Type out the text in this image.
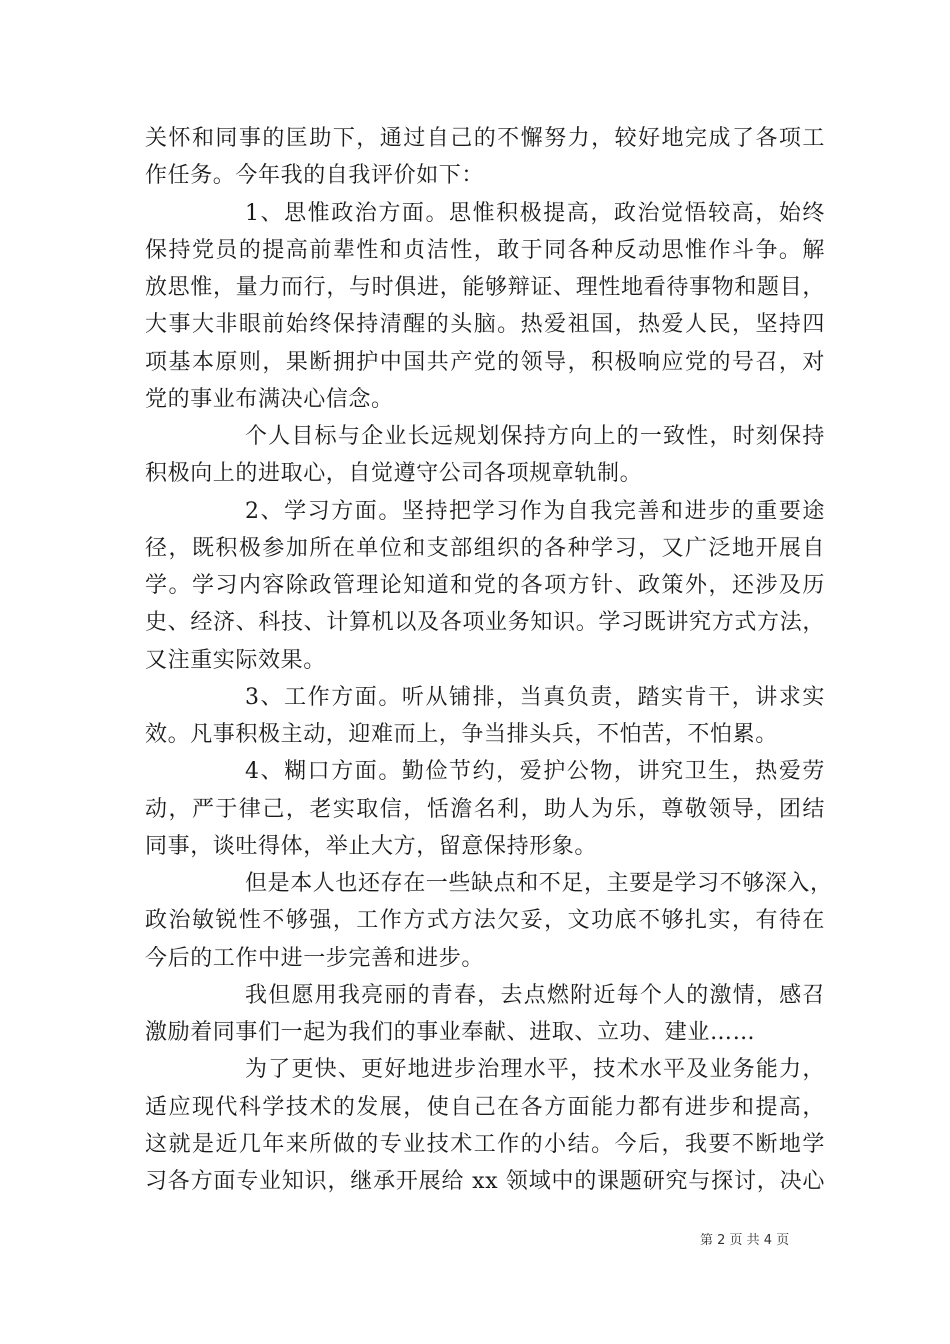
关怀和同事的匡助下，通过自己的不懈努力，较好地完成了各项工
作任务。今年我的自我评价如下：
1、思惟政治方面。思惟积极提高，政治觉悟较高，始终
保持党员的提高前辈性和贞洁性，敢于同各种反动思惟作斗争。解
放思惟，量力而行，与时俱进，能够辩证、理性地看待事物和题目，
大事大非眼前始终保持清醒的头脑。热爱祖国，热爱人民，坚持四
项基本原则，果断拥护中国共产党的领导，积极响应党的号召，对
党的事业布满决心信念。
个人目标与企业长远规划保持方向上的一致性，时刻保持
积极向上的进取心，自觉遵守公司各项规章轨制。
2、学习方面。坚持把学习作为自我完善和进步的重要途
径，既积极参加所在单位和支部组织的各种学习，又广泛地开展自
学。学习内容除政管理论知道和党的各项方针、政策外，还涉及历
史、经济、科技、计算机以及各项业务知识。学习既讲究方式方法，
又注重实际效果。
3、工作方面。听从铺排，当真负责，踏实肯干，讲求实
效。凡事积极主动，迎难而上，争当排头兵，不怕苦，不怕累。
4、糊口方面。勤俭节约，爱护公物，讲究卫生，热爱劳
动，严于律己，老实取信，恬澹名利，助人为乐，尊敬领导，团结
同事，谈吐得体，举止大方，留意保持形象。
但是本人也还存在一些缺点和不足，主要是学习不够深入，
政治敏锐性不够强，工作方式方法欠妥，文功底不够扎实，有待在
今后的工作中进一步完善和进步。
我但愿用我亮丽的青春，去点燃附近每个人的激情，感召
激励着同事们一起为我们的事业奉献、进取、立功、建业……
为了更快、更好地进步治理水平，技术水平及业务能力，
适应现代科学技术的发展，使自己在各方面能力都有进步和提高，
这就是近几年来所做的专业技术工作的小结。今后，我要不断地学
习各方面专业知识，继承开展给 xx 领域中的课题研究与探讨，决心
第 2 页 共 4 页
